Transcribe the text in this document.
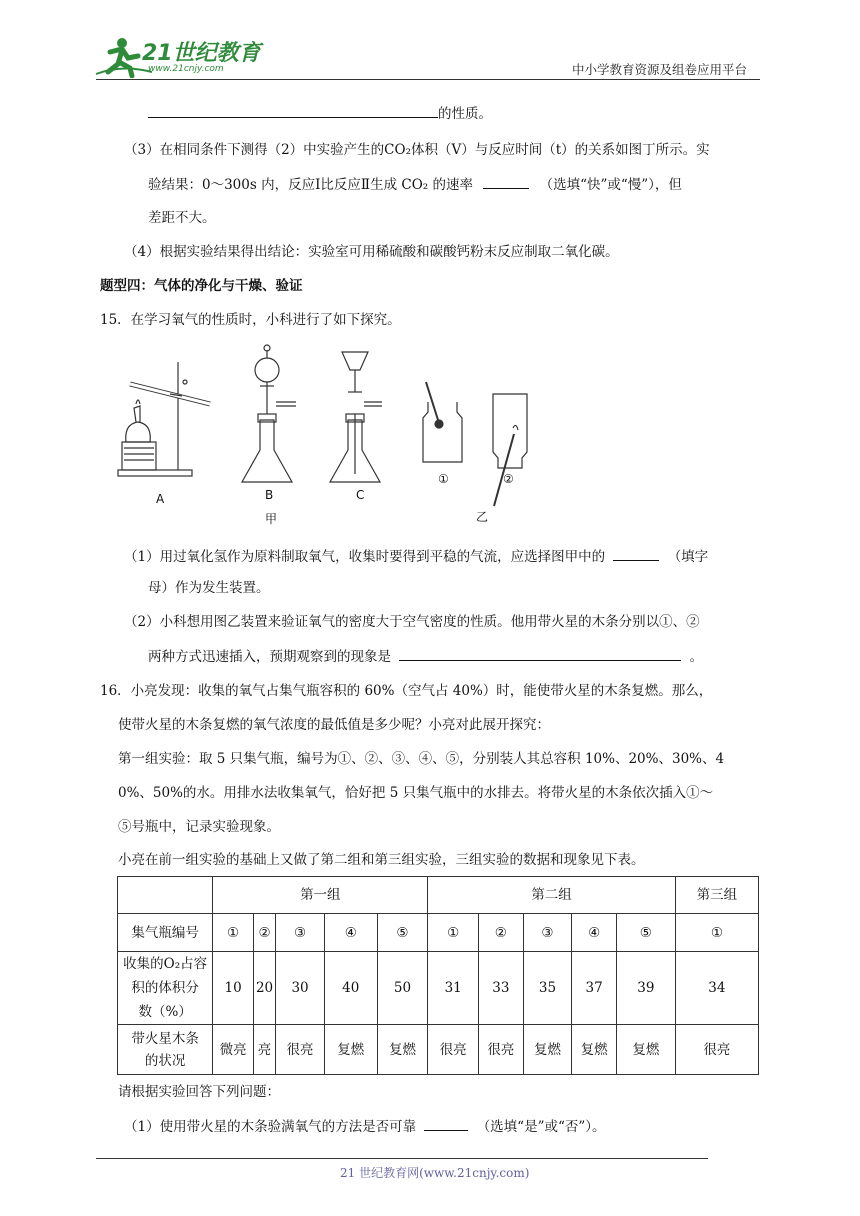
21世纪教育
www.21cnjy.com	中小学教育资源及组卷应用平台
的性质。
（3）在相同条件下测得（2）中实验产生的CO₂体积（V）与反应时间（t）的关系如图丁所示。实
验结果：0～300s 内，反应Ⅰ比反应Ⅱ生成 CO₂ 的速率	（选填“快”或“慢”），但
差距不大。
（4）根据实验结果得出结论：实验室可用稀硫酸和碳酸钙粉末反应制取二氧化碳。
题型四：气体的净化与干燥、验证
15．在学习氧气的性质时，小科进行了如下探究。
A	B	C
①	②
甲	乙
（1）用过氧化氢作为原料制取氧气，收集时要得到平稳的气流，应选择图甲中的	（填字
母）作为发生装置。
（2）小科想用图乙装置来验证氧气的密度大于空气密度的性质。他用带火星的木条分别以①、②
两种方式迅速插入，预期观察到的现象是	。
16．小亮发现：收集的氧气占集气瓶容积的 60%（空气占 40%）时，能使带火星的木条复燃。那么，
使带火星的木条复燃的氧气浓度的最低值是多少呢？小亮对此展开探究：
第一组实验：取 5 只集气瓶，编号为①、②、③、④、⑤，分别装人其总容积 10%、20%、30%、4
0%、50%的水。用排水法收集氧气，恰好把 5 只集气瓶中的水排去。将带火星的木条依次插入①～
⑤号瓶中，记录实验现象。
小亮在前一组实验的基础上又做了第二组和第三组实验，三组实验的数据和现象见下表。
	第一组					第二组					第三组
集气瓶编号	①	②	③	④	⑤	①	②	③	④	⑤	①

收集的O₂占容
积的体积分
数（%）	10	20	30	40	50	31	33	35	37	39	34

带火星木条
的状况	微亮	亮	很亮	复燃	复燃	很亮	很亮	复燃	复燃	复燃	很亮
请根据实验回答下列问题：
（1）使用带火星的木条验满氧气的方法是否可靠	（选填“是”或“否”）。
21 世纪教育网(www.21cnjy.com)
